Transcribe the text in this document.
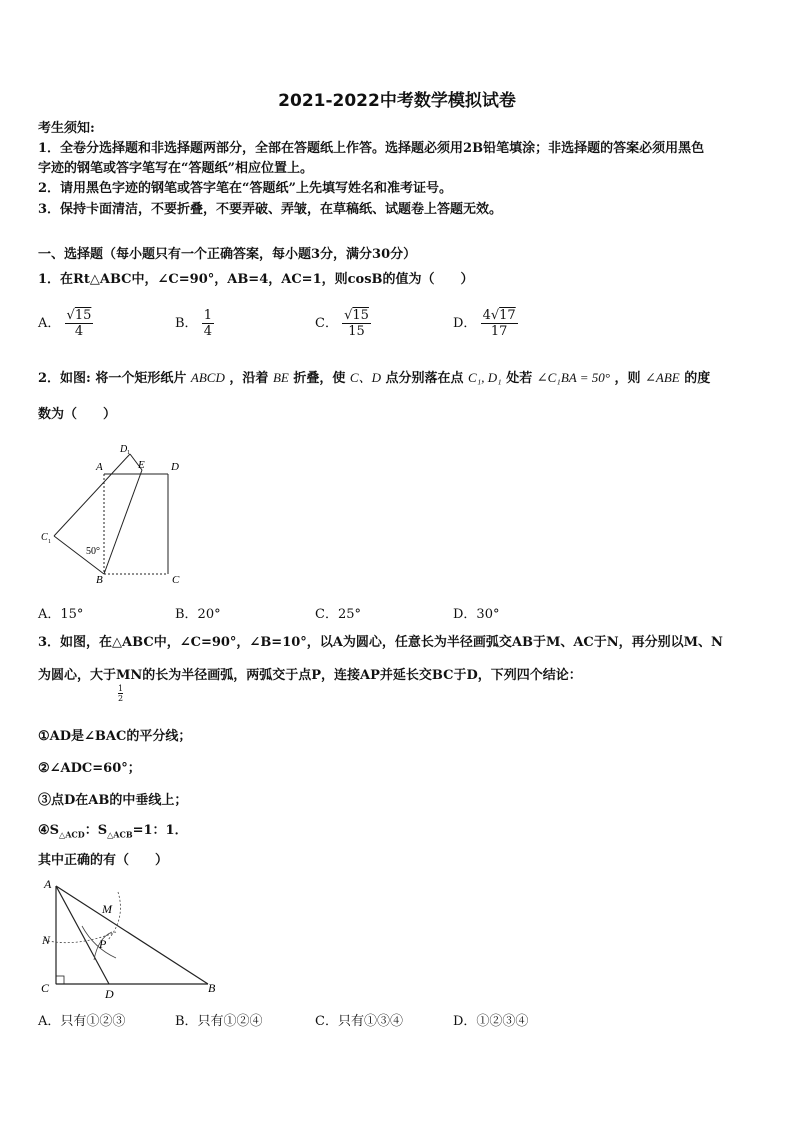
2021-2022中考数学模拟试卷
考生须知:
1．全卷分选择题和非选择题两部分，全部在答题纸上作答。选择题必须用2B铅笔填涂；非选择题的答案必须用黑色
字迹的钢笔或答字笔写在“答题纸”相应位置上。
2．请用黑色字迹的钢笔或答字笔在“答题纸”上先填写姓名和准考证号。
3．保持卡面清洁，不要折叠，不要弄破、弄皱，在草稿纸、试题卷上答题无效。
一、选择题（每小题只有一个正确答案，每小题3分，满分30分）
1．在Rt△ABC中，∠C=90°，AB=4，AC=1，则cosB的值为（　　）
A． $\frac{√15}{4}$	B． $\frac{1}{4}$	C． $\frac{√15}{15}$	D． $\frac{4√17}{17}$
2．如图: 将一个矩形纸片 ABCD ，沿着 BE 折叠，使 C、D 点分别落在点 C₁, D₁ 处若 ∠C₁BA = 50° ，则 ∠ABE 的度
数为（　　）
A	E D
D 1
C 1
50°
B	C
A．15°	B．20°	C．25°	D．30°
3．如图，在△ABC中，∠C=90°，∠B=10°，以A为圆心，任意长为半径画弧交AB于M、AC于N，再分别以M、N
为圆心，大于MN的长为半径画弧，两弧交于点P，连接AP并延长交BC于D，下列四个结论：
$\frac{1}{2}$
①AD是∠BAC的平分线；
②∠ADC=60°；
③点D在AB的中垂线上；
$④S_{\triangle ACD}$：$S_{\triangle ACB}=1$：1．
其中正确的有（　　）
A
M
N	P
C	D	B
A．只有①②③	B．只有①②④	C．只有①③④	D．①②③④
